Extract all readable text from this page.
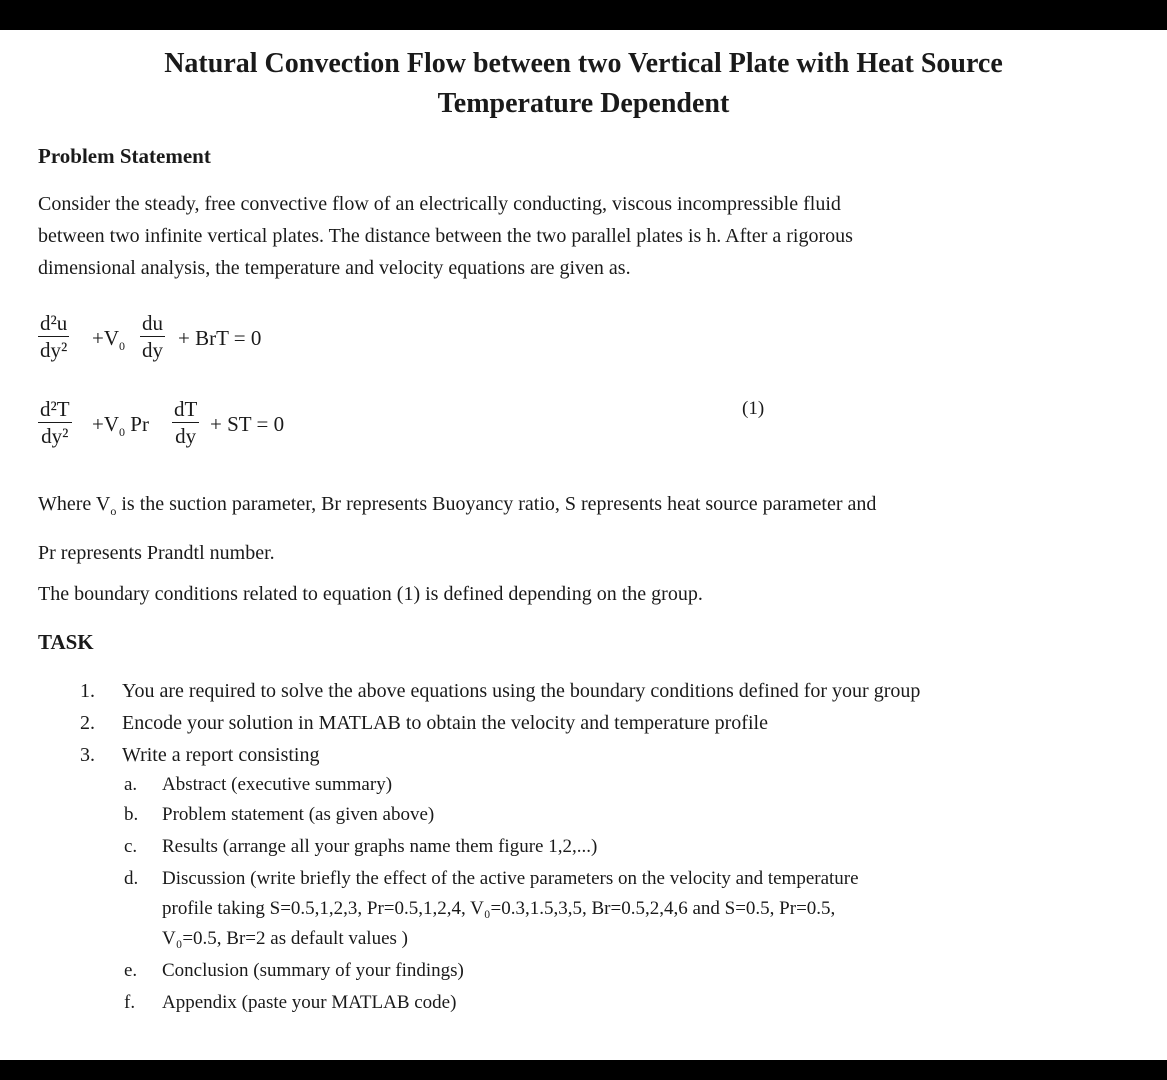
Natural Convection Flow between two Vertical Plate with Heat Source
Temperature Dependent
Problem Statement
Consider the steady, free convective flow of an electrically conducting, viscous incompressible fluid
between two infinite vertical plates. The distance between the two parallel plates is h. After a rigorous
dimensional analysis, the temperature and velocity equations are given as.
$\frac{\text{d²u}}{\text{dy²}} +V_0 \frac{du}{dy}$ + BrT = 0
(1)
$\frac{\text{d²T}}{\text{dy²}} +V_0$ Pr $\frac{dT}{dy}$ + ST = 0
Where $V_o$ is the suction parameter, Br represents Buoyancy ratio, S represents heat source parameter and
Pr represents Prandtl number.
The boundary conditions related to equation (1) is defined depending on the group.
TASK
1. You are required to solve the above equations using the boundary conditions defined for your group
2. Encode your solution in MATLAB to obtain the velocity and temperature profile
3. Write a report consisting
a. Abstract (executive summary)
b. Problem statement (as given above)
c. Results (arrange all your graphs name them figure 1,2,...)
d. Discussion (write briefly the effect of the active parameters on the velocity and temperature
profile taking S=0.5,1,2,3, Pr=0.5,1,2,4, V₀=0.3,1.5,3,5, Br=0.5,2,4,6 and S=0.5, Pr=0.5,
V₀=0.5, Br=2 as default values )
e. Conclusion (summary of your findings)
f. Appendix (paste your MATLAB code)
